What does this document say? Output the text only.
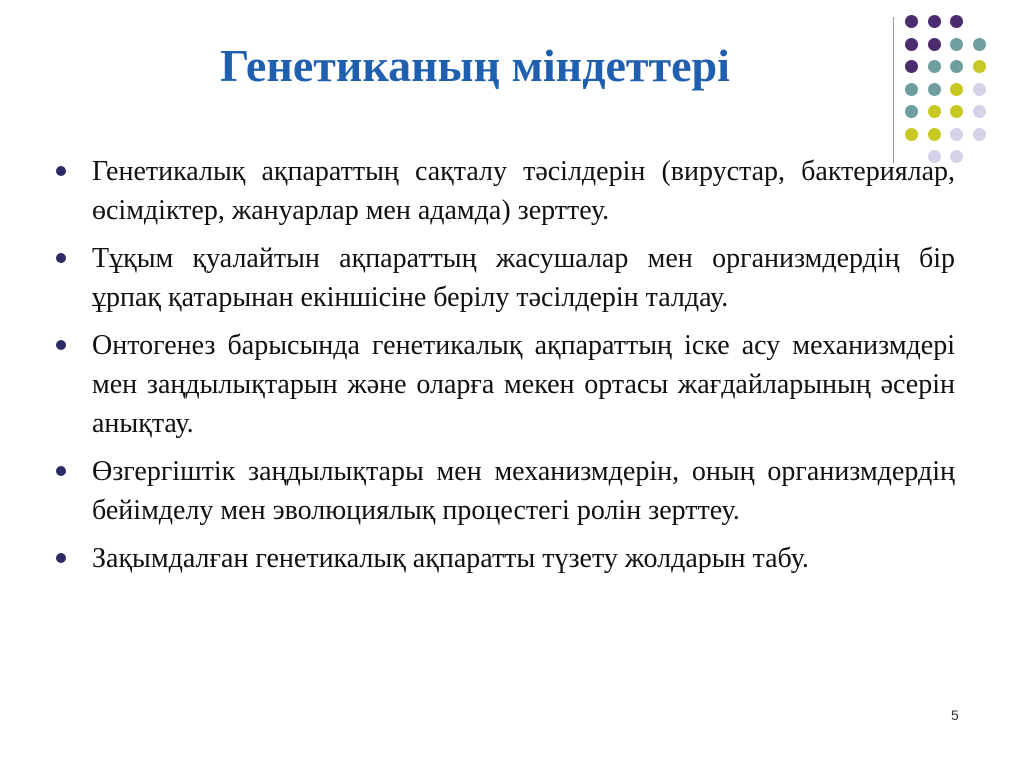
Генетиканың міндеттері
Генетикалық ақпараттың сақталу тәсілдерін (вирустар, бактериялар, өсімдіктер, жануарлар мен адамда) зерттеу.
Тұқым қуалайтын ақпараттың жасушалар мен организмдердің бір ұрпақ қатарынан екіншісіне берілу тәсілдерін талдау.
Онтогенез барысында генетикалық ақпараттың іске асу механизмдері мен заңдылықтарын және оларға мекен ортасы жағдайларының әсерін анықтау.
Өзгергіштік заңдылықтары мен механизмдерін, оның организмдердің бейімделу мен эволюциялық процестегі ролін зерттеу.
Зақымдалған генетикалық ақпаратты түзету жолдарын табу.
5
